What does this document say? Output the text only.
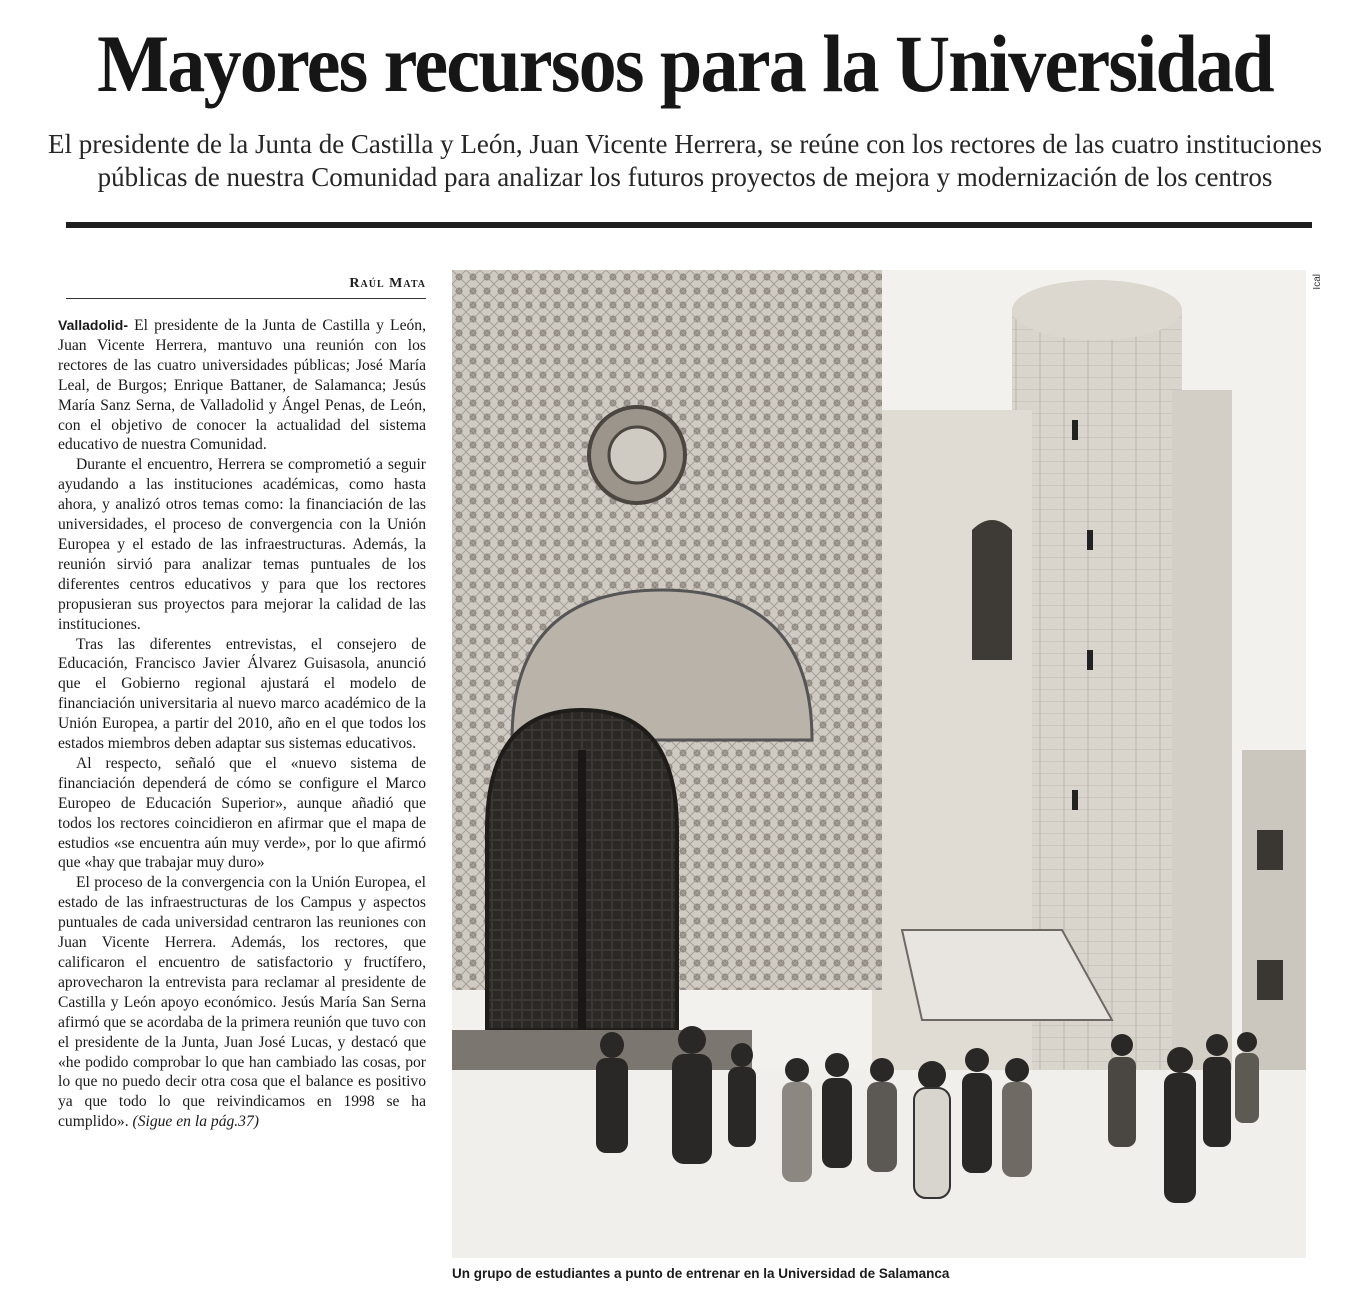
Mayores recursos para la Universidad

El presidente de la Junta de Castilla y León, Juan Vicente Herrera, se reúne con los rectores de las cuatro instituciones públicas de nuestra Comunidad para analizar los futuros proyectos de mejora y modernización de los centros

Raúl Mata

Valladolid- El presidente de la Junta de Castilla y León, Juan Vicente Herrera, mantuvo una reunión con los rectores de las cuatro universidades públicas; José María Leal, de Burgos; Enrique Battaner, de Salamanca; Jesús María Sanz Serna, de Valladolid y Ángel Penas, de León, con el objetivo de conocer la actualidad del sistema educativo de nuestra Comunidad.

Durante el encuentro, Herrera se comprometió a seguir ayudando a las instituciones académicas, como hasta ahora, y analizó otros temas como: la financiación de las universidades, el proceso de convergencia con la Unión Europea y el estado de las infraestructuras. Además, la reunión sirvió para analizar temas puntuales de los diferentes centros educativos y para que los rectores propusieran sus proyectos para mejorar la calidad de las instituciones.

Tras las diferentes entrevistas, el consejero de Educación, Francisco Javier Álvarez Guisasola, anunció que el Gobierno regional ajustará el modelo de financiación universitaria al nuevo marco académico de la Unión Europea, a partir del 2010, año en el que todos los estados miembros deben adaptar sus sistemas educativos.

Al respecto, señaló que el «nuevo sistema de financiación dependerá de cómo se configure el Marco Europeo de Educación Superior», aunque añadió que todos los rectores coincidieron en afirmar que el mapa de estudios «se encuentra aún muy verde», por lo que afirmó que «hay que trabajar muy duro»

El proceso de la convergencia con la Unión Europea, el estado de las infraestructuras de los Campus y aspectos puntuales de cada universidad centraron las reuniones con Juan Vicente Herrera. Además, los rectores, que calificaron el encuentro de satisfactorio y fructífero, aprovecharon la entrevista para reclamar al presidente de Castilla y León apoyo económico. Jesús María San Serna afirmó que se acordaba de la primera reunión que tuvo con el presidente de la Junta, Juan José Lucas, y destacó que «he podido comprobar lo que han cambiado las cosas, por lo que no puedo decir otra cosa que el balance es positivo ya que todo lo que reivindicamos en 1998 se ha cumplido». (Sigue en la pág.37)

Ical
Un grupo de estudiantes a punto de entrenar en la Universidad de Salamanca
